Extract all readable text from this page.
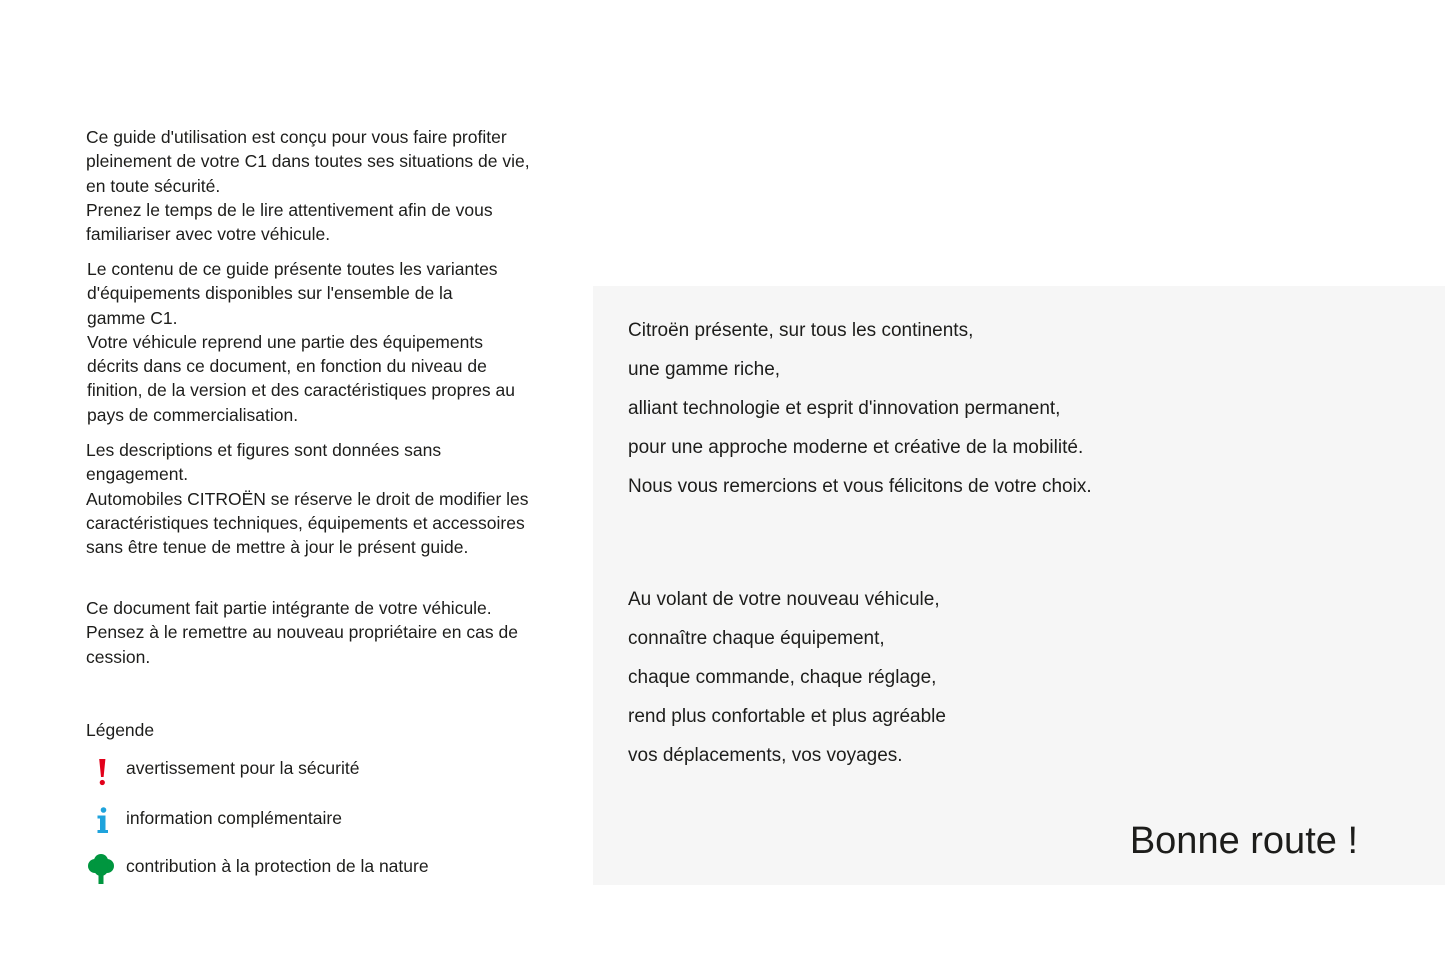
Ce guide d'utilisation est conçu pour vous faire profiter
pleinement de votre C1 dans toutes ses situations de vie,
en toute sécurité.
Prenez le temps de le lire attentivement afin de vous
familiariser avec votre véhicule.

Le contenu de ce guide présente toutes les variantes
d'équipements disponibles sur l'ensemble de la
gamme C1.
Votre véhicule reprend une partie des équipements
décrits dans ce document, en fonction du niveau de
finition, de la version et des caractéristiques propres au
pays de commercialisation.

Les descriptions et figures sont données sans
engagement.
Automobiles CITROËN se réserve le droit de modifier les
caractéristiques techniques, équipements et accessoires
sans être tenue de mettre à jour le présent guide.

Ce document fait partie intégrante de votre véhicule.
Pensez à le remettre au nouveau propriétaire en cas de
cession.

Légende
avertissement pour la sécurité
information complémentaire
contribution à la protection de la nature
Citroën présente, sur tous les continents,
une gamme riche,
alliant technologie et esprit d'innovation permanent,
pour une approche moderne et créative de la mobilité.
Nous vous remercions et vous félicitons de votre choix.
Au volant de votre nouveau véhicule,
connaître chaque équipement,
chaque commande, chaque réglage,
rend plus confortable et plus agréable
vos déplacements, vos voyages.
Bonne route !
